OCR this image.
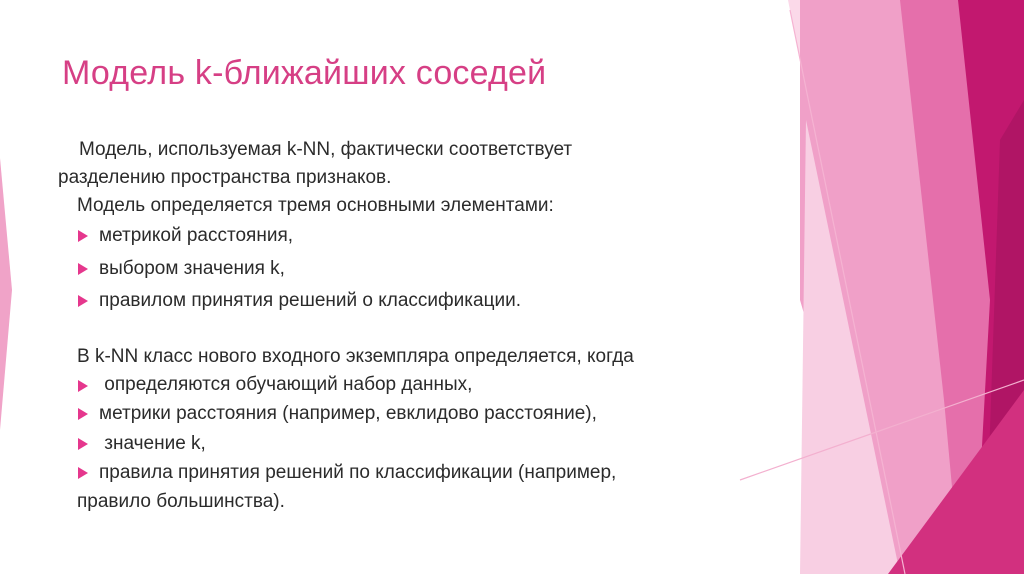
Модель k-ближайших соседей

Модель, используемая k-NN, фактически соответствует

разделению пространства признаков.

Модель определяется тремя основными элементами:

метрикой расстояния,

выбором значения k,

правилом принятия решений о классификации.

В k-NN класс нового входного экземпляра определяется, когда

определяются обучающий набор данных,

метрики расстояния (например, евклидово расстояние),

значение k,

правила принятия решений по классификации (например,

правило большинства).
